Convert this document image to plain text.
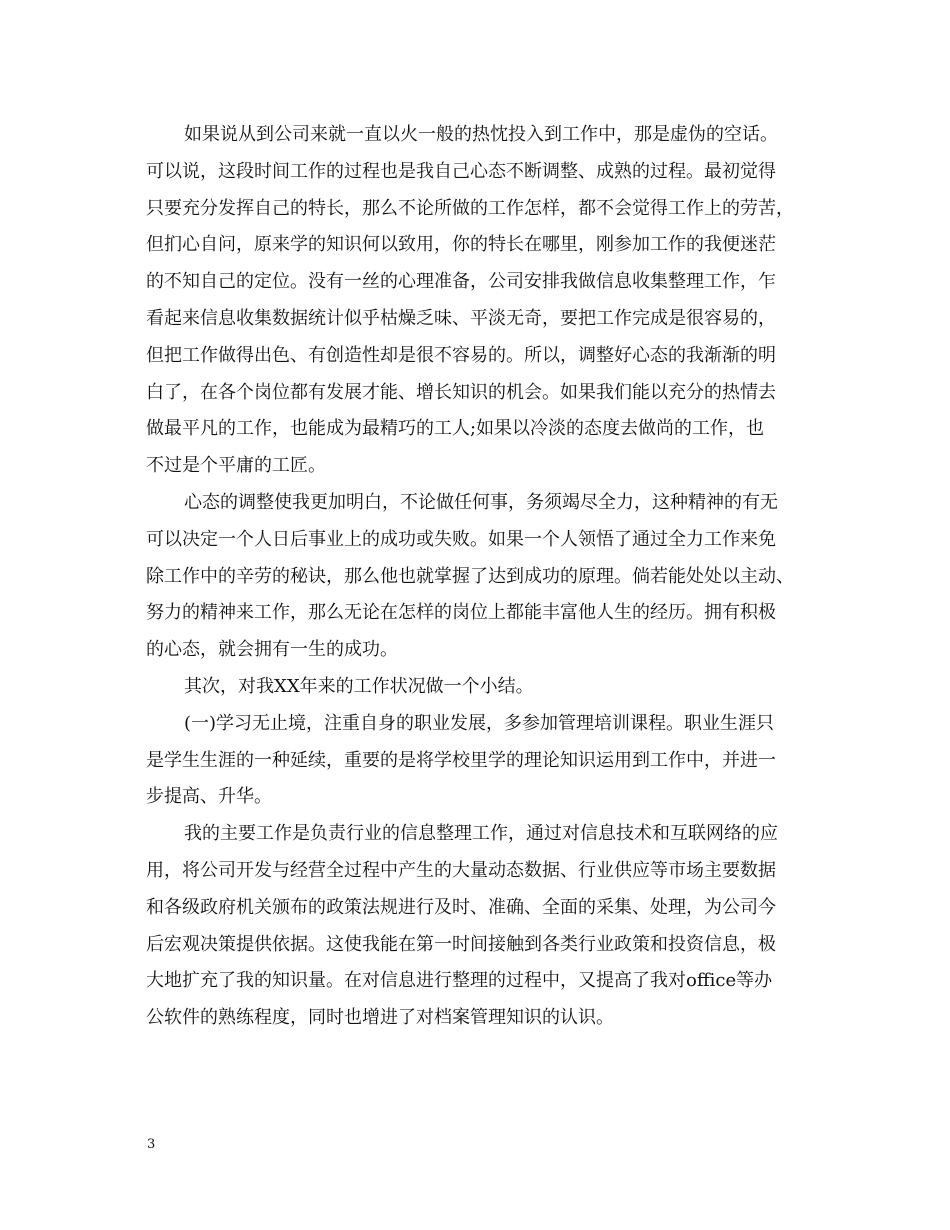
如果说从到公司来就一直以火一般的热忱投入到工作中，那是虚伪的空话。
可以说，这段时间工作的过程也是我自己心态不断调整、成熟的过程。最初觉得
只要充分发挥自己的特长，那么不论所做的工作怎样，都不会觉得工作上的劳苦，
但扪心自问，原来学的知识何以致用，你的特长在哪里，刚参加工作的我便迷茫
的不知自己的定位。没有一丝的心理准备，公司安排我做信息收集整理工作，乍
看起来信息收集数据统计似乎枯燥乏味、平淡无奇，要把工作完成是很容易的，
但把工作做得出色、有创造性却是很不容易的。所以，调整好心态的我渐渐的明
白了，在各个岗位都有发展才能、增长知识的机会。如果我们能以充分的热情去
做最平凡的工作，也能成为最精巧的工人;如果以冷淡的态度去做尚的工作，也
不过是个平庸的工匠。
心态的调整使我更加明白，不论做任何事，务须竭尽全力，这种精神的有无
可以决定一个人日后事业上的成功或失败。如果一个人领悟了通过全力工作来免
除工作中的辛劳的秘诀，那么他也就掌握了达到成功的原理。倘若能处处以主动、
努力的精神来工作，那么无论在怎样的岗位上都能丰富他人生的经历。拥有积极
的心态，就会拥有一生的成功。
其次，对我XX年来的工作状况做一个小结。
(一)学习无止境，注重自身的职业发展，多参加管理培训课程。职业生涯只
是学生生涯的一种延续，重要的是将学校里学的理论知识运用到工作中，并进一
步提高、升华。
我的主要工作是负责行业的信息整理工作，通过对信息技术和互联网络的应
用，将公司开发与经营全过程中产生的大量动态数据、行业供应等市场主要数据
和各级政府机关颁布的政策法规进行及时、准确、全面的采集、处理，为公司今
后宏观决策提供依据。这使我能在第一时间接触到各类行业政策和投资信息，极
大地扩充了我的知识量。在对信息进行整理的过程中，又提高了我对office等办
公软件的熟练程度，同时也增进了对档案管理知识的认识。
3
